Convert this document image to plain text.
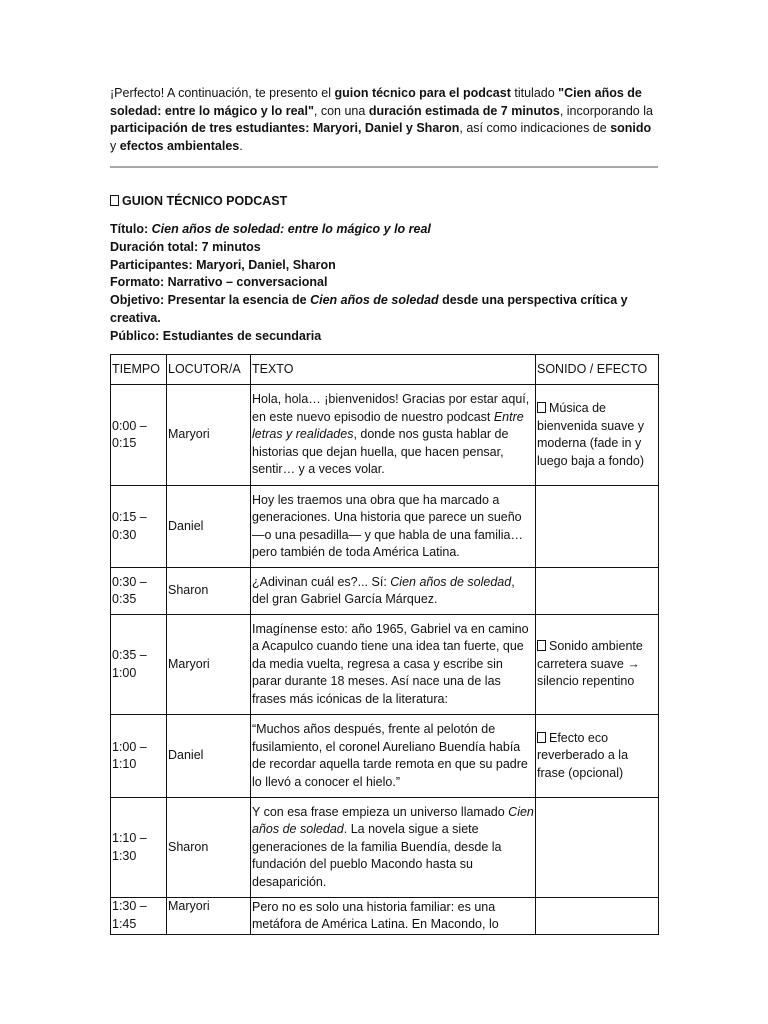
¡Perfecto! A continuación, te presento el guion técnico para el podcast titulado "Cien años de soledad: entre lo mágico y lo real", con una duración estimada de 7 minutos, incorporando la participación de tres estudiantes: Maryori, Daniel y Sharon, así como indicaciones de sonido y efectos ambientales.
GUION TÉCNICO PODCAST
Título: Cien años de soledad: entre lo mágico y lo real
Duración total: 7 minutos
Participantes: Maryori, Daniel, Sharon
Formato: Narrativo – conversacional
Objetivo: Presentar la esencia de Cien años de soledad desde una perspectiva crítica y creativa.
Público: Estudiantes de secundaria
TIEMPO	LOCUTOR/A	TEXTO	SONIDO / EFECTO
0:00 – 0:15	Maryori	Hola, hola… ¡bienvenidos! Gracias por estar aquí, en este nuevo episodio de nuestro podcast Entre letras y realidades, donde nos gusta hablar de historias que dejan huella, que hacen pensar, sentir… y a veces volar.	Música de bienvenida suave y moderna (fade in y luego baja a fondo)
0:15 – 0:30	Daniel	Hoy les traemos una obra que ha marcado a generaciones. Una historia que parece un sueño —o una pesadilla— y que habla de una familia… pero también de toda América Latina.	
0:30 – 0:35	Sharon	¿Adivinan cuál es?... Sí: Cien años de soledad, del gran Gabriel García Márquez.	
0:35 – 1:00	Maryori	Imagínense esto: año 1965, Gabriel va en camino a Acapulco cuando tiene una idea tan fuerte, que da media vuelta, regresa a casa y escribe sin parar durante 18 meses. Así nace una de las frases más icónicas de la literatura:	Sonido ambiente carretera suave → silencio repentino
1:00 – 1:10	Daniel	“Muchos años después, frente al pelotón de fusilamiento, el coronel Aureliano Buendía había de recordar aquella tarde remota en que su padre lo llevó a conocer el hielo.”	Efecto eco reverberado a la frase (opcional)
1:10 – 1:30	Sharon	Y con esa frase empieza un universo llamado Cien años de soledad. La novela sigue a siete generaciones de la familia Buendía, desde la fundación del pueblo Macondo hasta su desaparición.	
1:30 – 1:45	Maryori	Pero no es solo una historia familiar: es una metáfora de América Latina. En Macondo, lo	
